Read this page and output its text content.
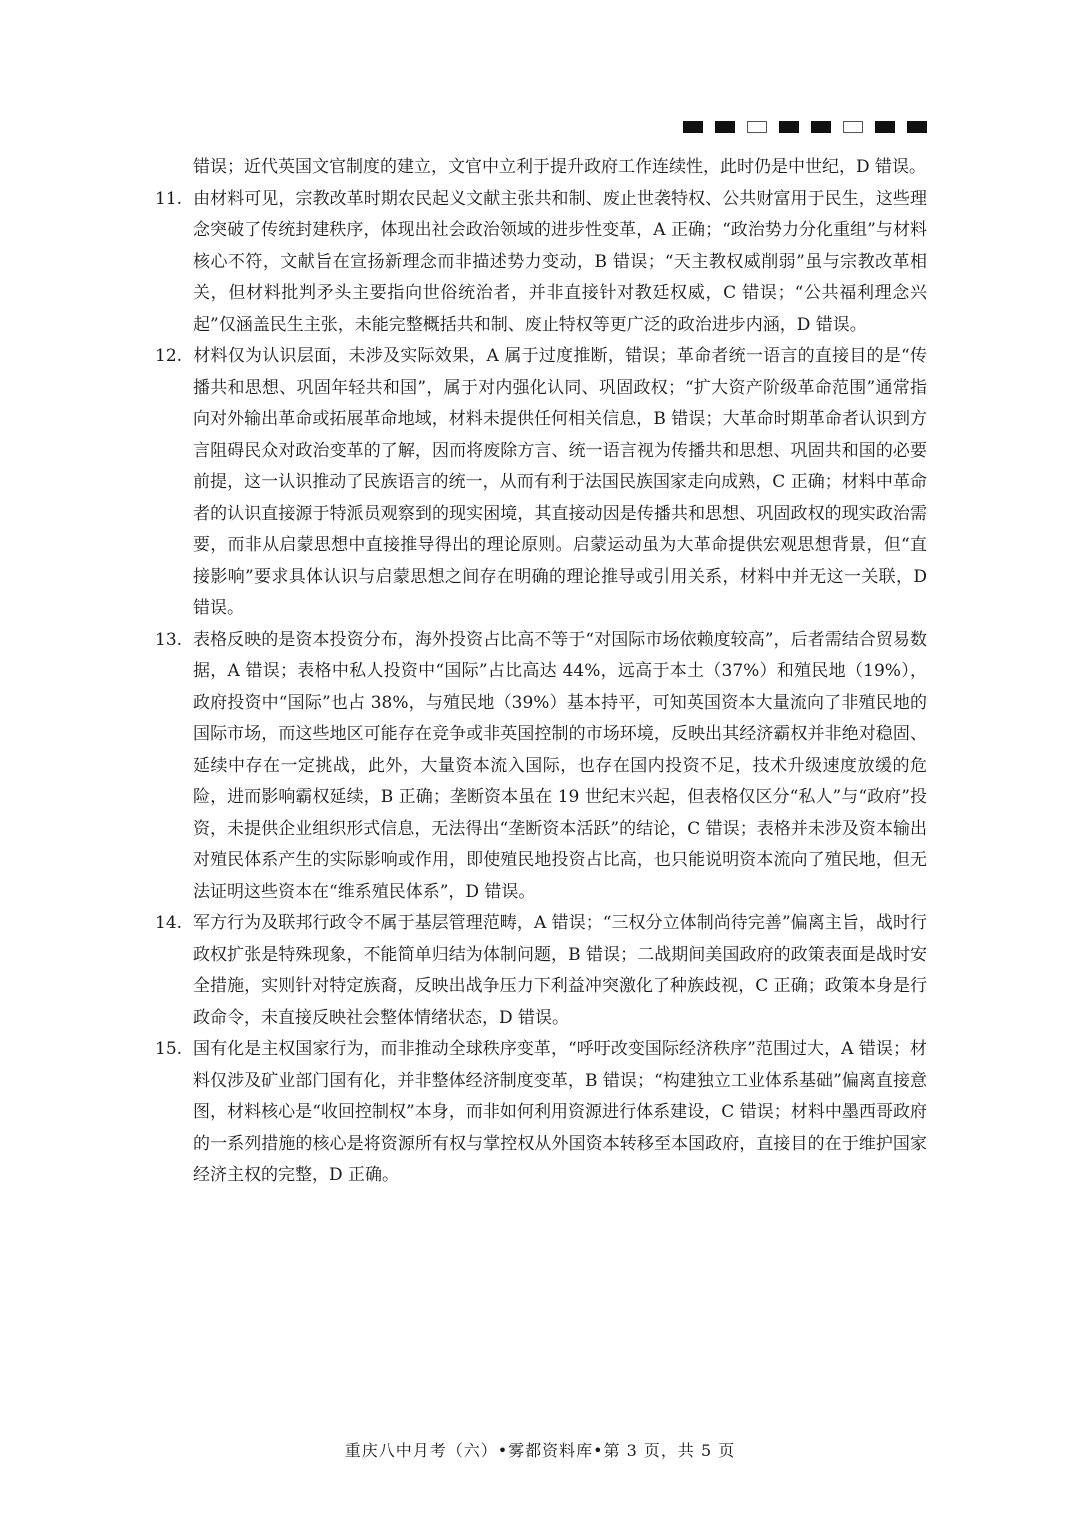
错误；近代英国文官制度的建立，文官中立利于提升政府工作连续性，此时仍是中世纪，D 错误。

11. 由材料可见，宗教改革时期农民起义文献主张共和制、废止世袭特权、公共财富用于民生，这些理念突破了传统封建秩序，体现出社会政治领域的进步性变革，A 正确；“政治势力分化重组”与材料核心不符，文献旨在宣扬新理念而非描述势力变动，B 错误；“天主教权威削弱”虽与宗教改革相关，但材料批判矛头主要指向世俗统治者，并非直接针对教廷权威，C 错误；“公共福利理念兴起”仅涵盖民生主张，未能完整概括共和制、废止特权等更广泛的政治进步内涵，D 错误。

12. 材料仅为认识层面，未涉及实际效果，A 属于过度推断，错误；革命者统一语言的直接目的是“传播共和思想、巩固年轻共和国”，属于对内强化认同、巩固政权；“扩大资产阶级革命范围”通常指向对外输出革命或拓展革命地域，材料未提供任何相关信息，B 错误；大革命时期革命者认识到方言阻碍民众对政治变革的了解，因而将废除方言、统一语言视为传播共和思想、巩固共和国的必要前提，这一认识推动了民族语言的统一，从而有利于法国民族国家走向成熟，C 正确；材料中革命者的认识直接源于特派员观察到的现实困境，其直接动因是传播共和思想、巩固政权的现实政治需要，而非从启蒙思想中直接推导得出的理论原则。启蒙运动虽为大革命提供宏观思想背景，但“直接影响”要求具体认识与启蒙思想之间存在明确的理论推导或引用关系，材料中并无这一关联，D 错误。

13. 表格反映的是资本投资分布，海外投资占比高不等于“对国际市场依赖度较高”，后者需结合贸易数据，A 错误；表格中私人投资中“国际”占比高达 44%，远高于本土（37%）和殖民地（19%），政府投资中“国际”也占 38%，与殖民地（39%）基本持平，可知英国资本大量流向了非殖民地的国际市场，而这些地区可能存在竞争或非英国控制的市场环境，反映出其经济霸权并非绝对稳固、延续中存在一定挑战，此外，大量资本流入国际，也存在国内投资不足，技术升级速度放缓的危险，进而影响霸权延续，B 正确；垄断资本虽在 19 世纪末兴起，但表格仅区分“私人”与“政府”投资，未提供企业组织形式信息，无法得出“垄断资本活跃”的结论，C 错误；表格并未涉及资本输出对殖民体系产生的实际影响或作用，即使殖民地投资占比高，也只能说明资本流向了殖民地，但无法证明这些资本在“维系殖民体系”，D 错误。

14. 军方行为及联邦行政令不属于基层管理范畴，A 错误；“三权分立体制尚待完善”偏离主旨，战时行政权扩张是特殊现象，不能简单归结为体制问题，B 错误；二战期间美国政府的政策表面是战时安全措施，实则针对特定族裔，反映出战争压力下利益冲突激化了种族歧视，C 正确；政策本身是行政命令，未直接反映社会整体情绪状态，D 错误。

15. 国有化是主权国家行为，而非推动全球秩序变革，“呼吁改变国际经济秩序”范围过大，A 错误；材料仅涉及矿业部门国有化，并非整体经济制度变革，B 错误；“构建独立工业体系基础”偏离直接意图，材料核心是“收回控制权”本身，而非如何利用资源进行体系建设，C 错误；材料中墨西哥政府的一系列措施的核心是将资源所有权与掌控权从外国资本转移至本国政府，直接目的在于维护国家经济主权的完整，D 正确。

重庆八中月考（六）•雾都资料库•第 3 页，共 5 页
